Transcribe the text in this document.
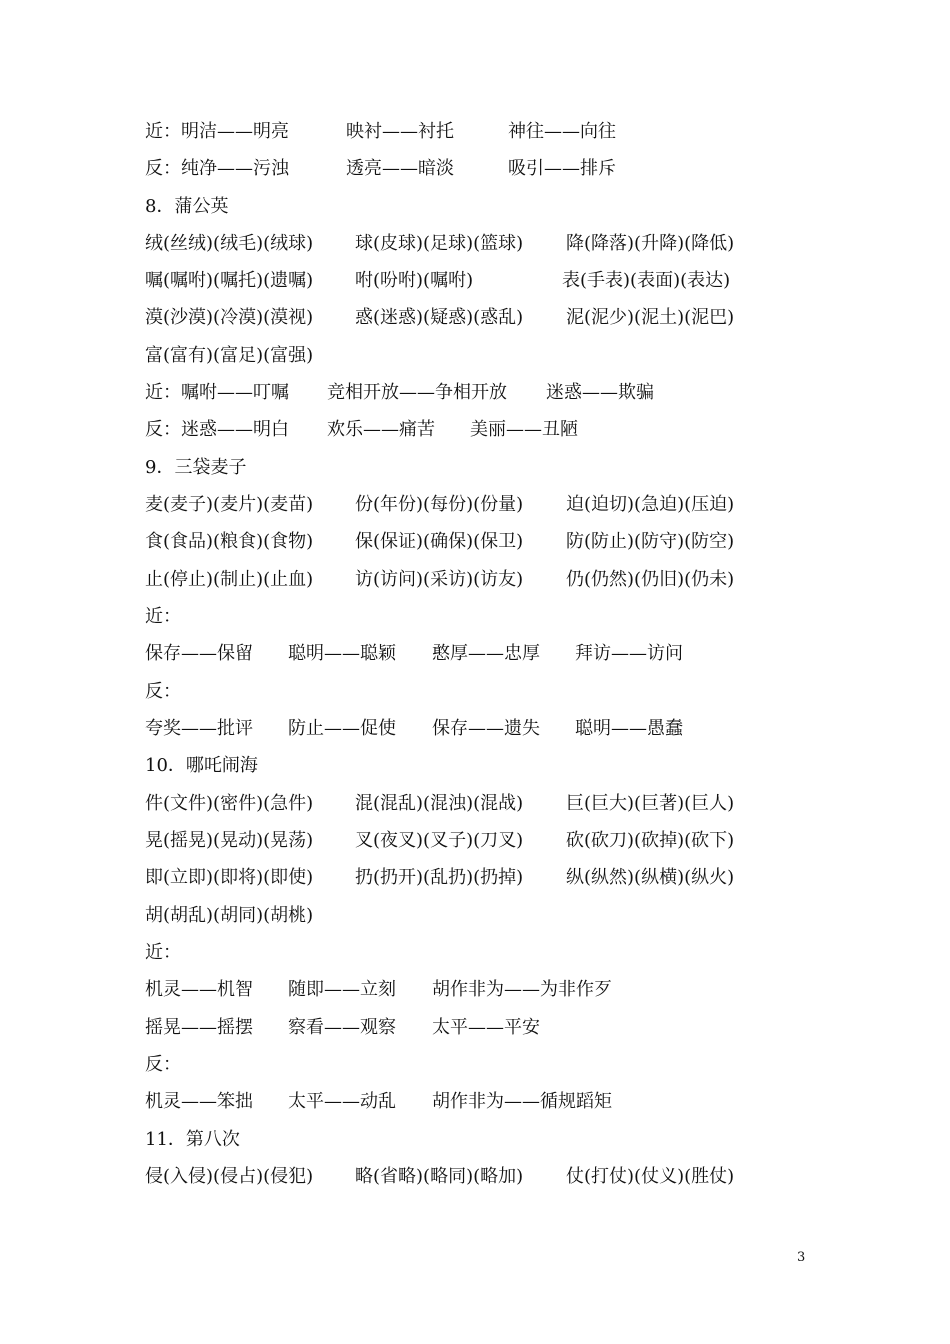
近：明洁——明亮	映衬——衬托	神往——向往
反：纯净——污浊	透亮——暗淡	吸引——排斥
8．蒲公英
绒(丝绒)(绒毛)(绒球) 球(皮球)(足球)(篮球) 降(降落)(升降)(降低)
嘱(嘱咐)(嘱托)(遗嘱) 咐(吩咐)(嘱咐)	表(手表)(表面)(表达)
漠(沙漠)(冷漠)(漠视) 惑(迷惑)(疑惑)(惑乱) 泥(泥少)(泥土)(泥巴)
富(富有)(富足)(富强)
近：嘱咐——叮嘱 竞相开放——争相开放 迷惑——欺骗
反：迷惑——明白 欢乐——痛苦 美丽——丑陋
9．三袋麦子
麦(麦子)(麦片)(麦苗) 份(年份)(每份)(份量) 迫(迫切)(急迫)(压迫)
食(食品)(粮食)(食物) 保(保证)(确保)(保卫) 防(防止)(防守)(防空)
止(停止)(制止)(止血) 访(访问)(采访)(访友) 仍(仍然)(仍旧)(仍未)
近：
保存——保留 聪明——聪颖 憨厚——忠厚 拜访——访问
反：
夸奖——批评 防止——促使 保存——遗失 聪明——愚蠢
10．哪吒闹海
件(文件)(密件)(急件) 混(混乱)(混浊)(混战) 巨(巨大)(巨著)(巨人)
晃(摇晃)(晃动)(晃荡) 叉(夜叉)(叉子)(刀叉) 砍(砍刀)(砍掉)(砍下)
即(立即)(即将)(即使) 扔(扔开)(乱扔)(扔掉) 纵(纵然)(纵横)(纵火)
胡(胡乱)(胡同)(胡桃)
近：
机灵——机智 随即——立刻 胡作非为——为非作歹
摇晃——摇摆 察看——观察 太平——平安
反：
机灵——笨拙 太平——动乱 胡作非为——循规蹈矩
11．第八次
侵(入侵)(侵占)(侵犯) 略(省略)(略同)(略加) 仗(打仗)(仗义)(胜仗)
3
